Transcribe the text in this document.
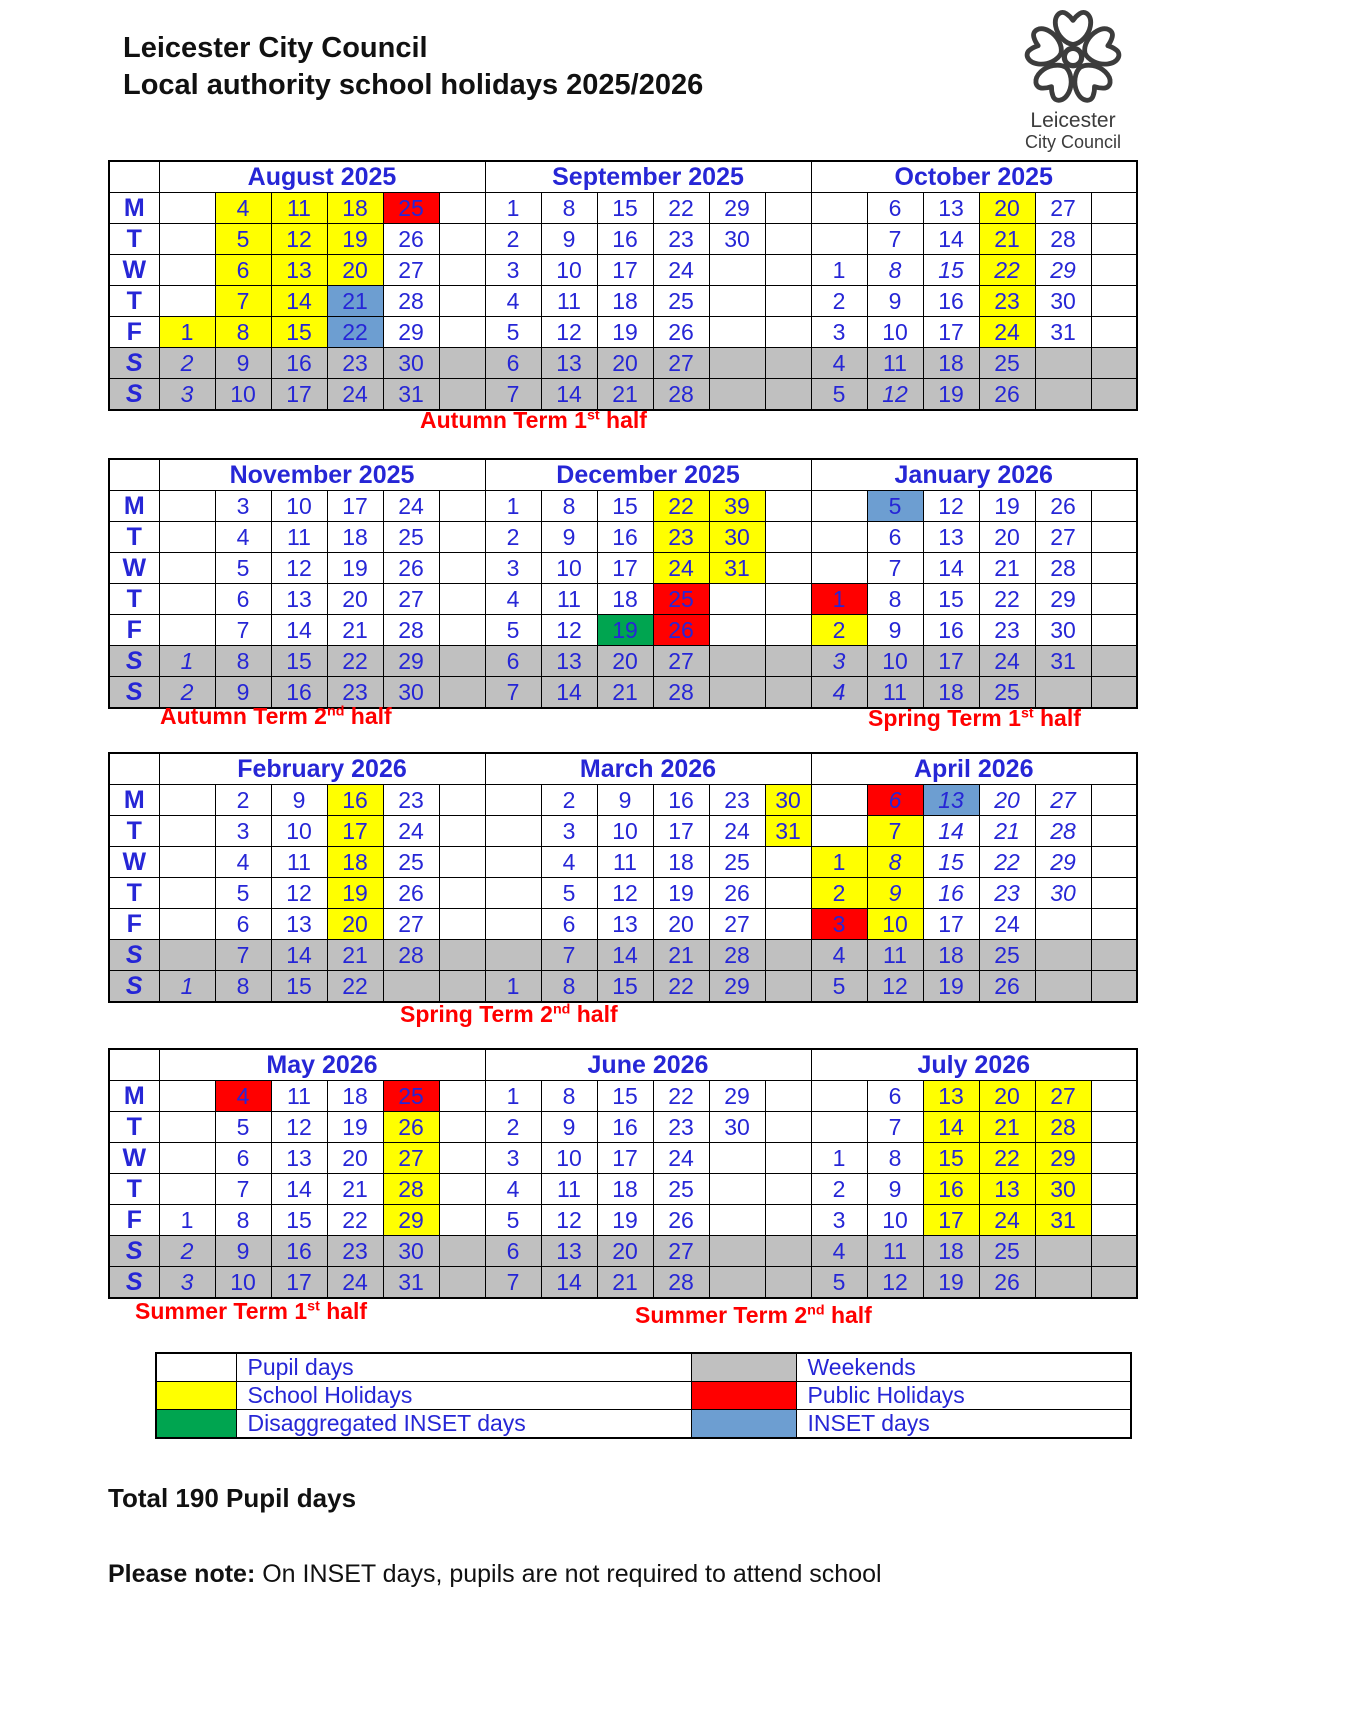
Leicester City Council
Local authority school holidays 2025/2026
Leicester
City Council
	August 2025						September 2025						October 2025					
M		4	11	18	25		1	8	15	22	29			6	13	20	27	
T		5	12	19	26		2	9	16	23	30			7	14	21	28	
W		6	13	20	27		3	10	17	24			1	8	15	22	29	
T		7	14	21	28		4	11	18	25			2	9	16	23	30	
F	1	8	15	22	29		5	12	19	26			3	10	17	24	31	
S	2	9	16	23	30		6	13	20	27			4	11	18	25		
S	3	10	17	24	31		7	14	21	28			5	12	19	26		
	November 2025						December 2025						January 2026					
M		3	10	17	24		1	8	15	22	39			5	12	19	26	
T		4	11	18	25		2	9	16	23	30			6	13	20	27	
W		5	12	19	26		3	10	17	24	31			7	14	21	28	
T		6	13	20	27		4	11	18	25			1	8	15	22	29	
F		7	14	21	28		5	12	19	26			2	9	16	23	30	
S	1	8	15	22	29		6	13	20	27			3	10	17	24	31	
S	2	9	16	23	30		7	14	21	28			4	11	18	25		
	February 2026						March 2026						April 2026					
M		2	9	16	23			2	9	16	23	30		6	13	20	27	
T		3	10	17	24			3	10	17	24	31		7	14	21	28	
W		4	11	18	25			4	11	18	25		1	8	15	22	29	
T		5	12	19	26			5	12	19	26		2	9	16	23	30	
F		6	13	20	27			6	13	20	27		3	10	17	24		
S		7	14	21	28			7	14	21	28		4	11	18	25		
S	1	8	15	22			1	8	15	22	29		5	12	19	26		
	May 2026						June 2026						July 2026					
M		4	11	18	25		1	8	15	22	29			6	13	20	27	
T		5	12	19	26		2	9	16	23	30			7	14	21	28	
W		6	13	20	27		3	10	17	24			1	8	15	22	29	
T		7	14	21	28		4	11	18	25			2	9	16	13	30	
F	1	8	15	22	29		5	12	19	26			3	10	17	24	31	
S	2	9	16	23	30		6	13	20	27			4	11	18	25		
S	3	10	17	24	31		7	14	21	28			5	12	19	26		
Autumn Term 1st half
Autumn Term 2nd half	Spring Term 1st half
Spring Term 2nd half
Summer Term 1st half	Summer Term 2nd half
	Pupil days		Weekends
	School Holidays		Public Holidays
	Disaggregated INSET days		INSET days
Total 190 Pupil days
Please note: On INSET days, pupils are not required to attend school
